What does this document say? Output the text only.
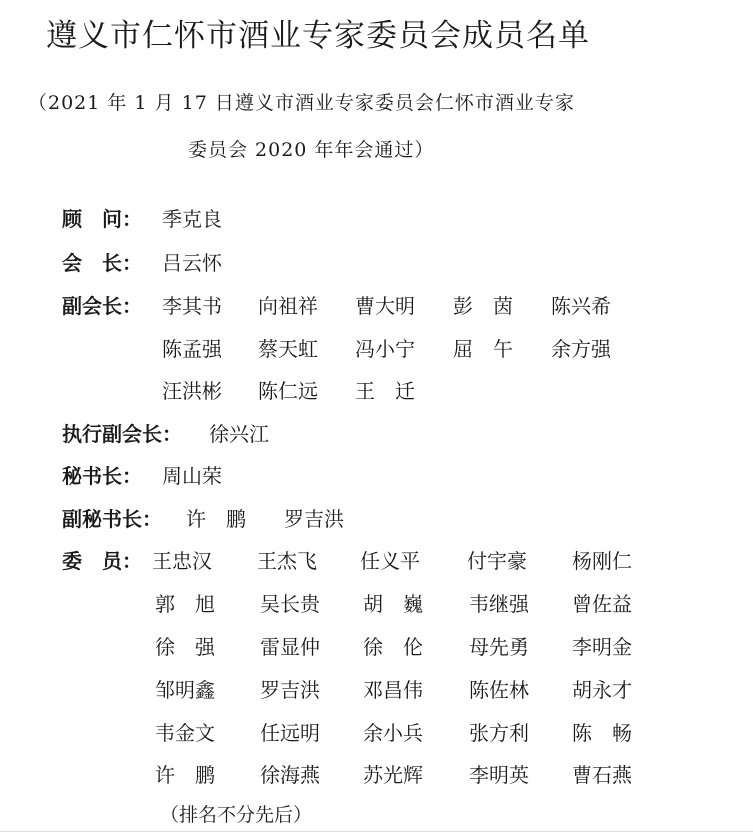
遵义市仁怀市酒业专家委员会成员名单
（2021 年 1 月 17 日遵义市酒业专家委员会仁怀市酒业专家
委员会 2020 年年会通过）
顾　问： 季克良
会　长： 吕云怀
副会长： 李其书 向祖祥 曹大明 彭　茵 陈兴希
陈孟强 蔡天虹 冯小宁 屈　午 余方强
汪洪彬 陈仁远 王　迁
执行副会长： 徐兴江
秘书长： 周山荣
副秘书长： 许　鹏 罗吉洪
委　员： 王忠汉 王杰飞 任义平 付宇豪 杨刚仁
郭　旭 吴长贵 胡　巍 韦继强 曾佐益
徐　强 雷显仲 徐　伦 母先勇 李明金
邹明鑫 罗吉洪 邓昌伟 陈佐林 胡永才
韦金文 任远明 余小兵 张方利 陈　畅
许　鹏 徐海燕 苏光辉 李明英 曹石燕
（排名不分先后）
